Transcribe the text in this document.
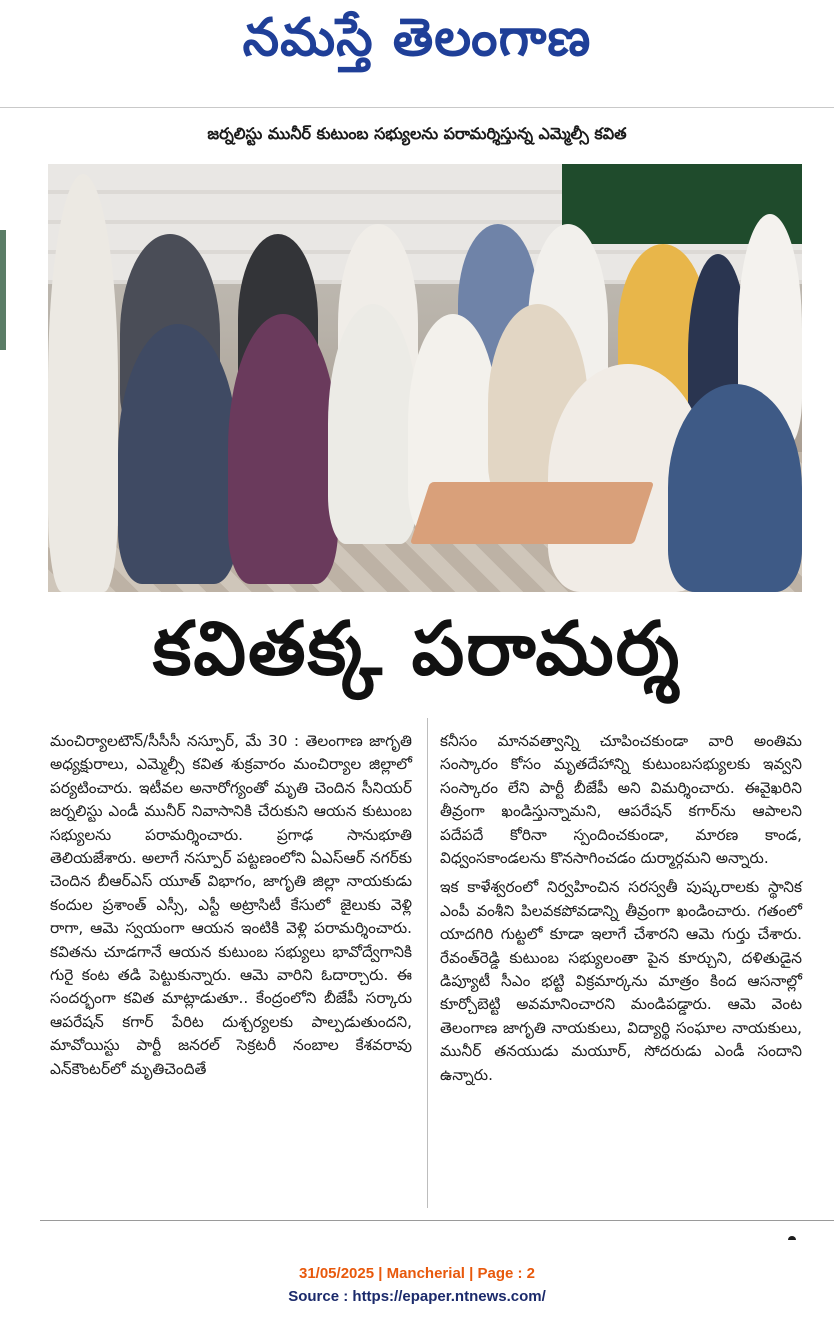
నమస్తే తెలంగాణ
జర్నలిస్టు మునీర్ కుటుంబ సభ్యులను పరామర్శిస్తున్న ఎమ్మెల్సీ కవిత
కవితక్క పరామర్శ

మంచిర్యాలటౌన్/సీసీసీ నస్పూర్, మే 30 : తెలంగాణ జాగృతి అధ్యక్షురాలు, ఎమ్మెల్సీ కవిత శుక్రవారం మంచిర్యాల జిల్లాలో పర్యటించారు. ఇటీవల అనారోగ్యంతో మృతి చెందిన సీనియర్ జర్నలిస్టు ఎండీ మునీర్ నివాసానికి చేరుకుని ఆయన కుటుంబ సభ్యులను పరామర్శించారు. ప్రగాఢ సానుభూతి తెలియజేశారు. అలాగే నస్పూర్ పట్టణంలోని ఏఎస్ఆర్ నగర్‌కు చెందిన బీఆర్ఎస్ యూత్ విభాగం, జాగృతి జిల్లా నాయకుడు కందుల ప్రశాంత్ ఎస్సీ, ఎస్టీ అట్రాసిటీ కేసులో జైలుకు వెళ్లి రాగా, ఆమె స్వయంగా ఆయన ఇంటికి వెళ్లి పరామర్శించారు. కవితను చూడగానే ఆయన కుటుంబ సభ్యులు భావోద్వేగానికి గురై కంట తడి పెట్టుకున్నారు. ఆమె వారిని ఓదార్చారు. ఈ సందర్భంగా కవిత మాట్లాడుతూ.. కేంద్రంలోని బీజేపీ సర్కారు ఆపరేషన్ కగార్ పేరిట దుశ్చర్యలకు పాల్పడుతుందని, మావోయిస్టు పార్టీ జనరల్ సెక్రటరీ నంబాల కేశవరావు ఎన్‌కౌంటర్‌లో మృతిచెందితే

కనీసం మానవత్వాన్ని చూపించకుండా వారి అంతిమ సంస్కారం కోసం మృతదేహాన్ని కుటుంబసభ్యులకు ఇవ్వని సంస్కారం లేని పార్టీ బీజేపీ అని విమర్శించారు. ఈవైఖరిని తీవ్రంగా ఖండిస్తున్నామని, ఆపరేషన్ కగార్‌ను ఆపాలని పదేపదే కోరినా స్పందించకుండా, మారణ కాండ, విధ్వంసకాండలను కొనసాగించడం దుర్మార్గమని అన్నారు.

ఇక కాళేశ్వరంలో నిర్వహించిన సరస్వతీ పుష్కరాలకు స్థానిక ఎంపీ వంశీని పిలవకపోవడాన్ని తీవ్రంగా ఖండించారు. గతంలో యాదగిరి గుట్టలో కూడా ఇలాగే చేశారని ఆమె గుర్తు చేశారు. రేవంత్‌రెడ్డి కుటుంబ సభ్యులంతా పైన కూర్చుని, దళితుడైన డిప్యూటీ సీఎం భట్టి విక్రమార్కను మాత్రం కింద ఆసనాల్లో కూర్చోబెట్టి అవమానించారని మండిపడ్డారు. ఆమె వెంట తెలంగాణ జాగృతి నాయకులు, విద్యార్థి సంఘాల నాయకులు, మునీర్ తనయుడు మయూర్, సోదరుడు ఎండీ సందాని ఉన్నారు.

31/05/2025 | Mancherial | Page : 2
Source : https://epaper.ntnews.com/
